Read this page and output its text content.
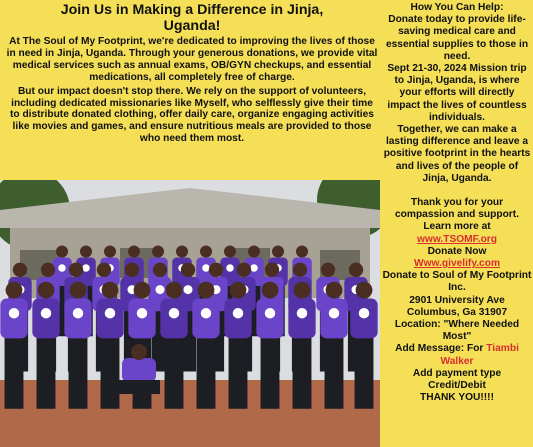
Join Us in Making a Difference in Jinja,
Uganda!

At The Soul of My Footprint, we're dedicated to improving the lives of those in need in Jinja, Uganda. Through your generous donations, we provide vital medical services such as annual exams, OB/GYN checkups, and essential medications, all completely free of charge.

But our impact doesn't stop there. We rely on the support of volunteers, including dedicated missionaries like Myself, who selflessly give their time to distribute donated clothing, offer daily care, organize engaging activities like movies and games, and ensure nutritious meals are provided to those who need them most.

How You Can Help:
Donate today to provide life-saving medical care and essential supplies to those in need.
Sept 21-30, 2024 Mission trip to Jinja, Uganda, is where your efforts will directly impact the lives of countless individuals.
Together, we can make a lasting difference and leave a positive footprint in the hearts and lives of the people of Jinja, Uganda.
Thank you for your compassion and support.
Learn more at
www.TSOMF.org
Donate Now
Www.givelify.com
Donate to Soul of My Footprint Inc.
2901 University Ave
Columbus, Ga 31907
Location: "Where Needed Most"
Add Message: For Tiambi Walker
Add payment type
Credit/Debit
THANK YOU!!!!
